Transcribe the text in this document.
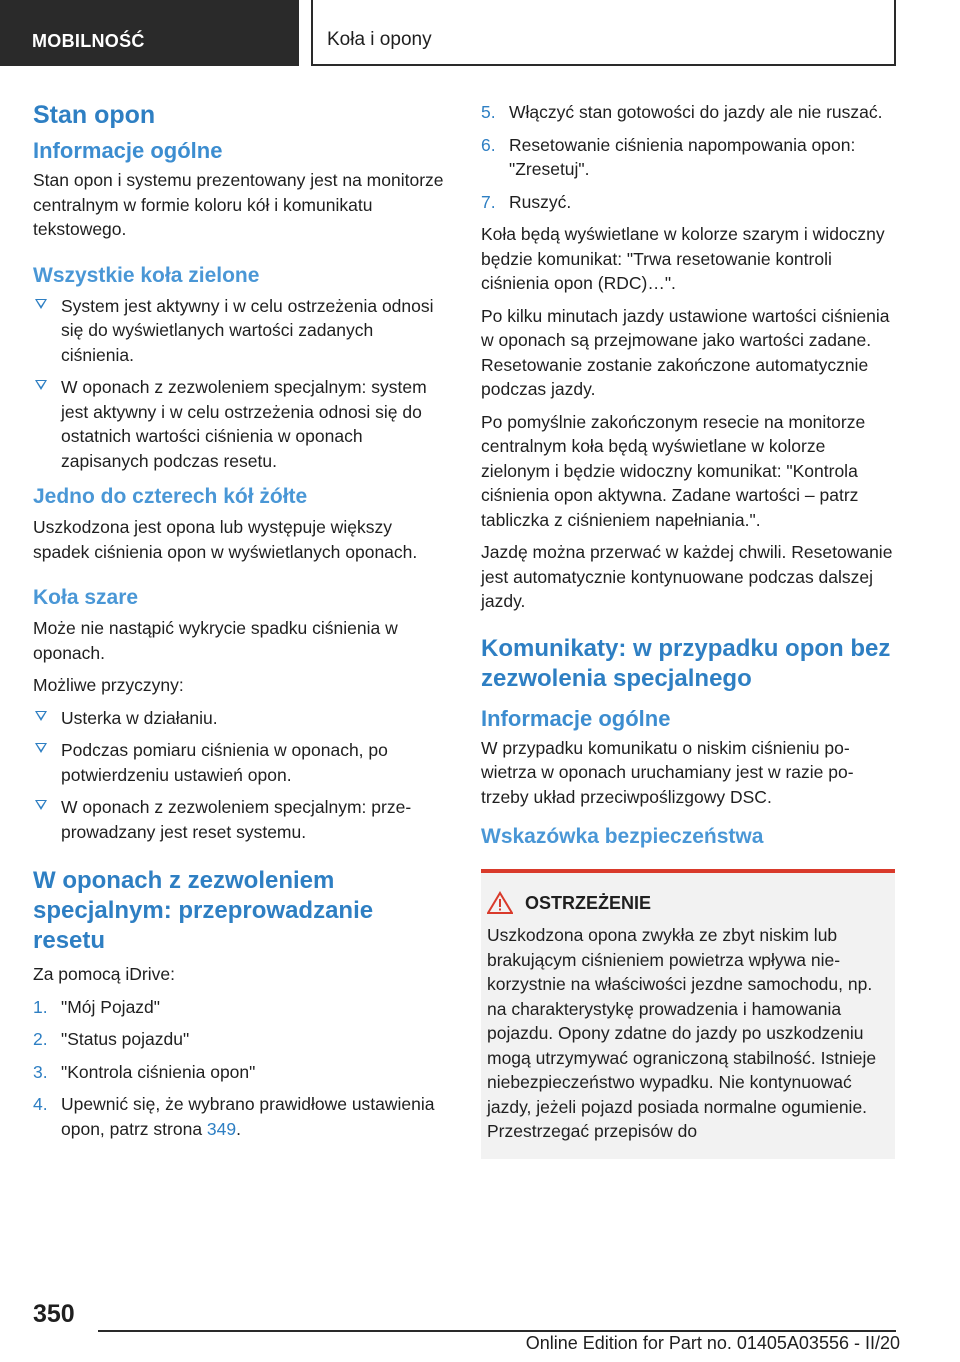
MOBILNOŚĆ	Koła i opony
Stan opon
Informacje ogólne
Stan opon i systemu prezentowany jest na monitorze centralnym w formie koloru kół i komunikatu tekstowego.
Wszystkie koła zielone
System jest aktywny i w celu ostrzeżenia odnosi się do wyświetlanych wartości zadanych ciśnienia.
W oponach z zezwoleniem specjalnym: system jest aktywny i w celu ostrzeżenia odnosi się do ostatnich wartości ciśnienia w oponach zapisanych podczas resetu.
Jedno do czterech kół żółte
Uszkodzona jest opona lub występuje większy spadek ciśnienia opon w wyświetlanych oponach.
Koła szare
Może nie nastąpić wykrycie spadku ciśnienia w oponach.
Możliwe przyczyny:
Usterka w działaniu.
Podczas pomiaru ciśnienia w oponach, po potwierdzeniu ustawień opon.
W oponach z zezwoleniem specjalnym: przeprowadzany jest reset systemu.
W oponach z zezwoleniem specjalnym: przeprowadzanie resetu
Za pomocą iDrive:
1. "Mój Pojazd"
2. "Status pojazdu"
3. "Kontrola ciśnienia opon"
4. Upewnić się, że wybrano prawidłowe ustawienia opon, patrz strona 349.
5. Włączyć stan gotowości do jazdy ale nie ruszać.
6. Resetowanie ciśnienia napompowania opon: "Zresetuj".
7. Ruszyć.
Koła będą wyświetlane w kolorze szarym i widoczny będzie komunikat: "Trwa resetowanie kontroli ciśnienia opon (RDC)…".
Po kilku minutach jazdy ustawione wartości ciśnienia w oponach są przejmowane jako wartości zadane. Resetowanie zostanie zakończone automatycznie podczas jazdy.
Po pomyślnie zakończonym resecie na monitorze centralnym koła będą wyświetlane w kolorze zielonym i będzie widoczny komunikat: "Kontrola ciśnienia opon aktywna. Zadane wartości – patrz tabliczka z ciśnieniem napełniania.".
Jazdę można przerwać w każdej chwili. Resetowanie jest automatycznie kontynuowane podczas dalszej jazdy.
Komunikaty: w przypadku opon bez zezwolenia specjalnego
Informacje ogólne
W przypadku komunikatu o niskim ciśnieniu powietrza w oponach uruchamiany jest w razie potrzeby układ przeciwpoślizgowy DSC.
Wskazówka bezpieczeństwa
OSTRZEŻENIE
Uszkodzona opona zwykła ze zbyt niskim lub brakującym ciśnieniem powietrza wpływa niekorzystnie na właściwości jezdne samochodu, np. na charakterystykę prowadzenia i hamowania pojazdu. Opony zdatne do jazdy po uszkodzeniu mogą utrzymywać ograniczoną stabilność. Istnieje niebezpieczeństwo wypadku. Nie kontynuować jazdy, jeżeli pojazd posiada normalne ogumienie. Przestrzegać przepisów do
350
Online Edition for Part no. 01405A03556 - II/20
